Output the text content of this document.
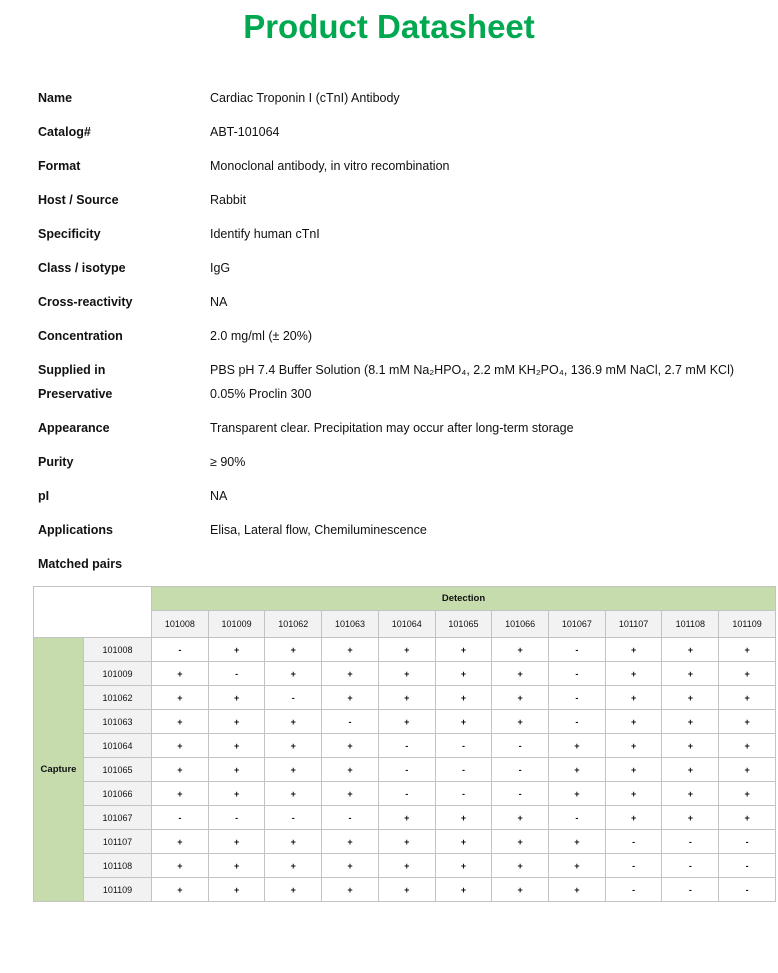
Product Datasheet
Name	Cardiac Troponin I (cTnI) Antibody
Catalog#	ABT-101064
Format	Monoclonal antibody, in vitro recombination
Host / Source	Rabbit
Specificity	Identify human cTnI
Class / isotype	IgG
Cross-reactivity	NA
Concentration	2.0 mg/ml (± 20%)
Supplied in	PBS pH 7.4 Buffer Solution (8.1 mM Na₂HPO₄, 2.2 mM KH₂PO₄, 136.9 mM NaCl, 2.7 mM KCl)
Preservative	0.05% Proclin 300
Appearance	Transparent clear. Precipitation may occur after long-term storage
Purity	≥ 90%
pI	NA
Applications	Elisa, Lateral flow, Chemiluminescence
Matched pairs
		Detection										
		101008	101009	101062	101063	101064	101065	101066	101067	101107	101108	101109
Capture	101008	-	+	+	+	+	+	+	-	+	+	+
	101009	+	-	+	+	+	+	+	-	+	+	+
	101062	+	+	-	+	+	+	+	-	+	+	+
	101063	+	+	+	-	+	+	+	-	+	+	+
	101064	+	+	+	+	-	-	-	+	+	+	+
	101065	+	+	+	+	-	-	-	+	+	+	+
	101066	+	+	+	+	-	-	-	+	+	+	+
	101067	-	-	-	-	+	+	+	-	+	+	+
	101107	+	+	+	+	+	+	+	+	-	-	-
	101108	+	+	+	+	+	+	+	+	-	-	-
	101109	+	+	+	+	+	+	+	+	-	-	-
